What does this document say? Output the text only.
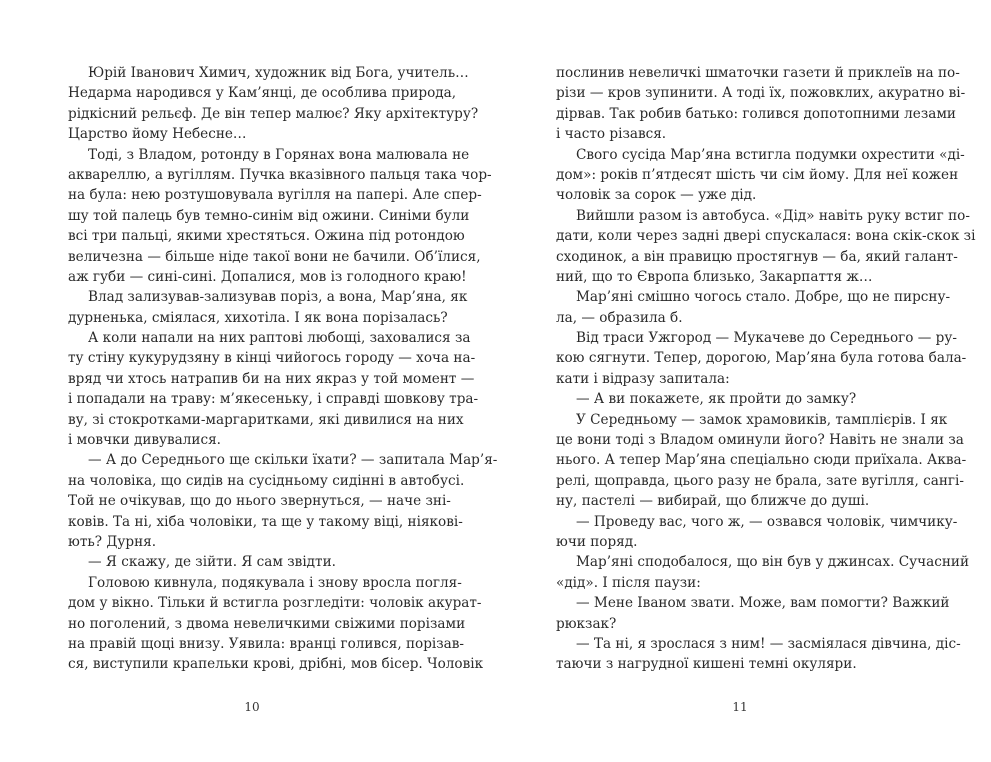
Юрій Іванович Химич, художник від Бога, учитель…
Недарма народився у Кам’янці, де особлива природа,
рідкісний рельєф. Де він тепер малює? Яку архітектуру?
Царство йому Небесне…
Тоді, з Владом, ротонду в Горянах вона малювала не
аквареллю, а вугіллям. Пучка вказівного пальця така чор-
на була: нею розтушовувала вугілля на папері. Але спер-
шу той палець був темно-синім від ожини. Синіми були
всі три пальці, якими хрестяться. Ожина під ротондою
величезна — більше ніде такої вони не бачили. Об’їлися,
аж губи — сині-сині. Допалися, мов із голодного краю!
Влад зализував-зализував поріз, а вона, Мар’яна, як
дурненька, сміялася, хихотіла. І як вона порізалась?
А коли напали на них раптові любощі, заховалися за
ту стіну кукурудзяну в кінці чийогось городу — хоча на-
вряд чи хтось натрапив би на них якраз у той момент —
і попадали на траву: м’якесеньку, і справді шовкову тра-
ву, зі стокротками-маргаритками, які дивилися на них
і мовчки дивувалися.
— А до Середнього ще скільки їхати? — запитала Мар’я-
на чоловіка, що сидів на сусідньому сидінні в автобусі.
Той не очікував, що до нього звернуться, — наче зні-
ковів. Та ні, хіба чоловіки, та ще у такому віці, ніякові-
ють? Дурня.
— Я скажу, де зійти. Я сам звідти.
Головою кивнула, подякувала і знову вросла погля-
дом у вікно. Тільки й встигла розгледіти: чоловік акурат-
но поголений, з двома невеличкими свіжими порізами
на правій щоці внизу. Уявила: вранці голився, порізав-
ся, виступили крапельки крові, дрібні, мов бісер. Чоловік
послинив невеличкі шматочки газети й приклеїв на по-
різи — кров зупинити. А тоді їх, пожовклих, акуратно ві-
дірвав. Так робив батько: голився допотопними лезами
і часто різався.
Свого сусіда Мар’яна встигла подумки охрестити «ді-
дом»: років п’ятдесят шість чи сім йому. Для неї кожен
чоловік за сорок — уже дід.
Вийшли разом із автобуса. «Дід» навіть руку встиг по-
дати, коли через задні двері спускалася: вона скік-скок зі
сходинок, а він правицю простягнув — ба, який галант-
ний, що то Європа близько, Закарпаття ж…
Мар’яні смішно чогось стало. Добре, що не пирсну-
ла, — образила б.
Від траси Ужгород — Мукачеве до Середнього — ру-
кою сягнути. Тепер, дорогою, Мар’яна була готова бала-
кати і відразу запитала:
— А ви покажете, як пройти до замку?
У Середньому — замок храмовиків, тамплієрів. І як
це вони тоді з Владом оминули його? Навіть не знали за
нього. А тепер Мар’яна спеціально сюди приїхала. Аква-
релі, щоправда, цього разу не брала, зате вугілля, сангі-
ну, пастелі — вибирай, що ближче до душі.
— Проведу вас, чого ж, — озвався чоловік, чимчику-
ючи поряд.
Мар’яні сподобалося, що він був у джинсах. Сучасний
«дід». І після паузи:
— Мене Іваном звати. Може, вам помогти? Важкий
рюкзак?
— Та ні, я зрослася з ним! — засміялася дівчина, діс-
таючи з нагрудної кишені темні окуляри.
10	11
